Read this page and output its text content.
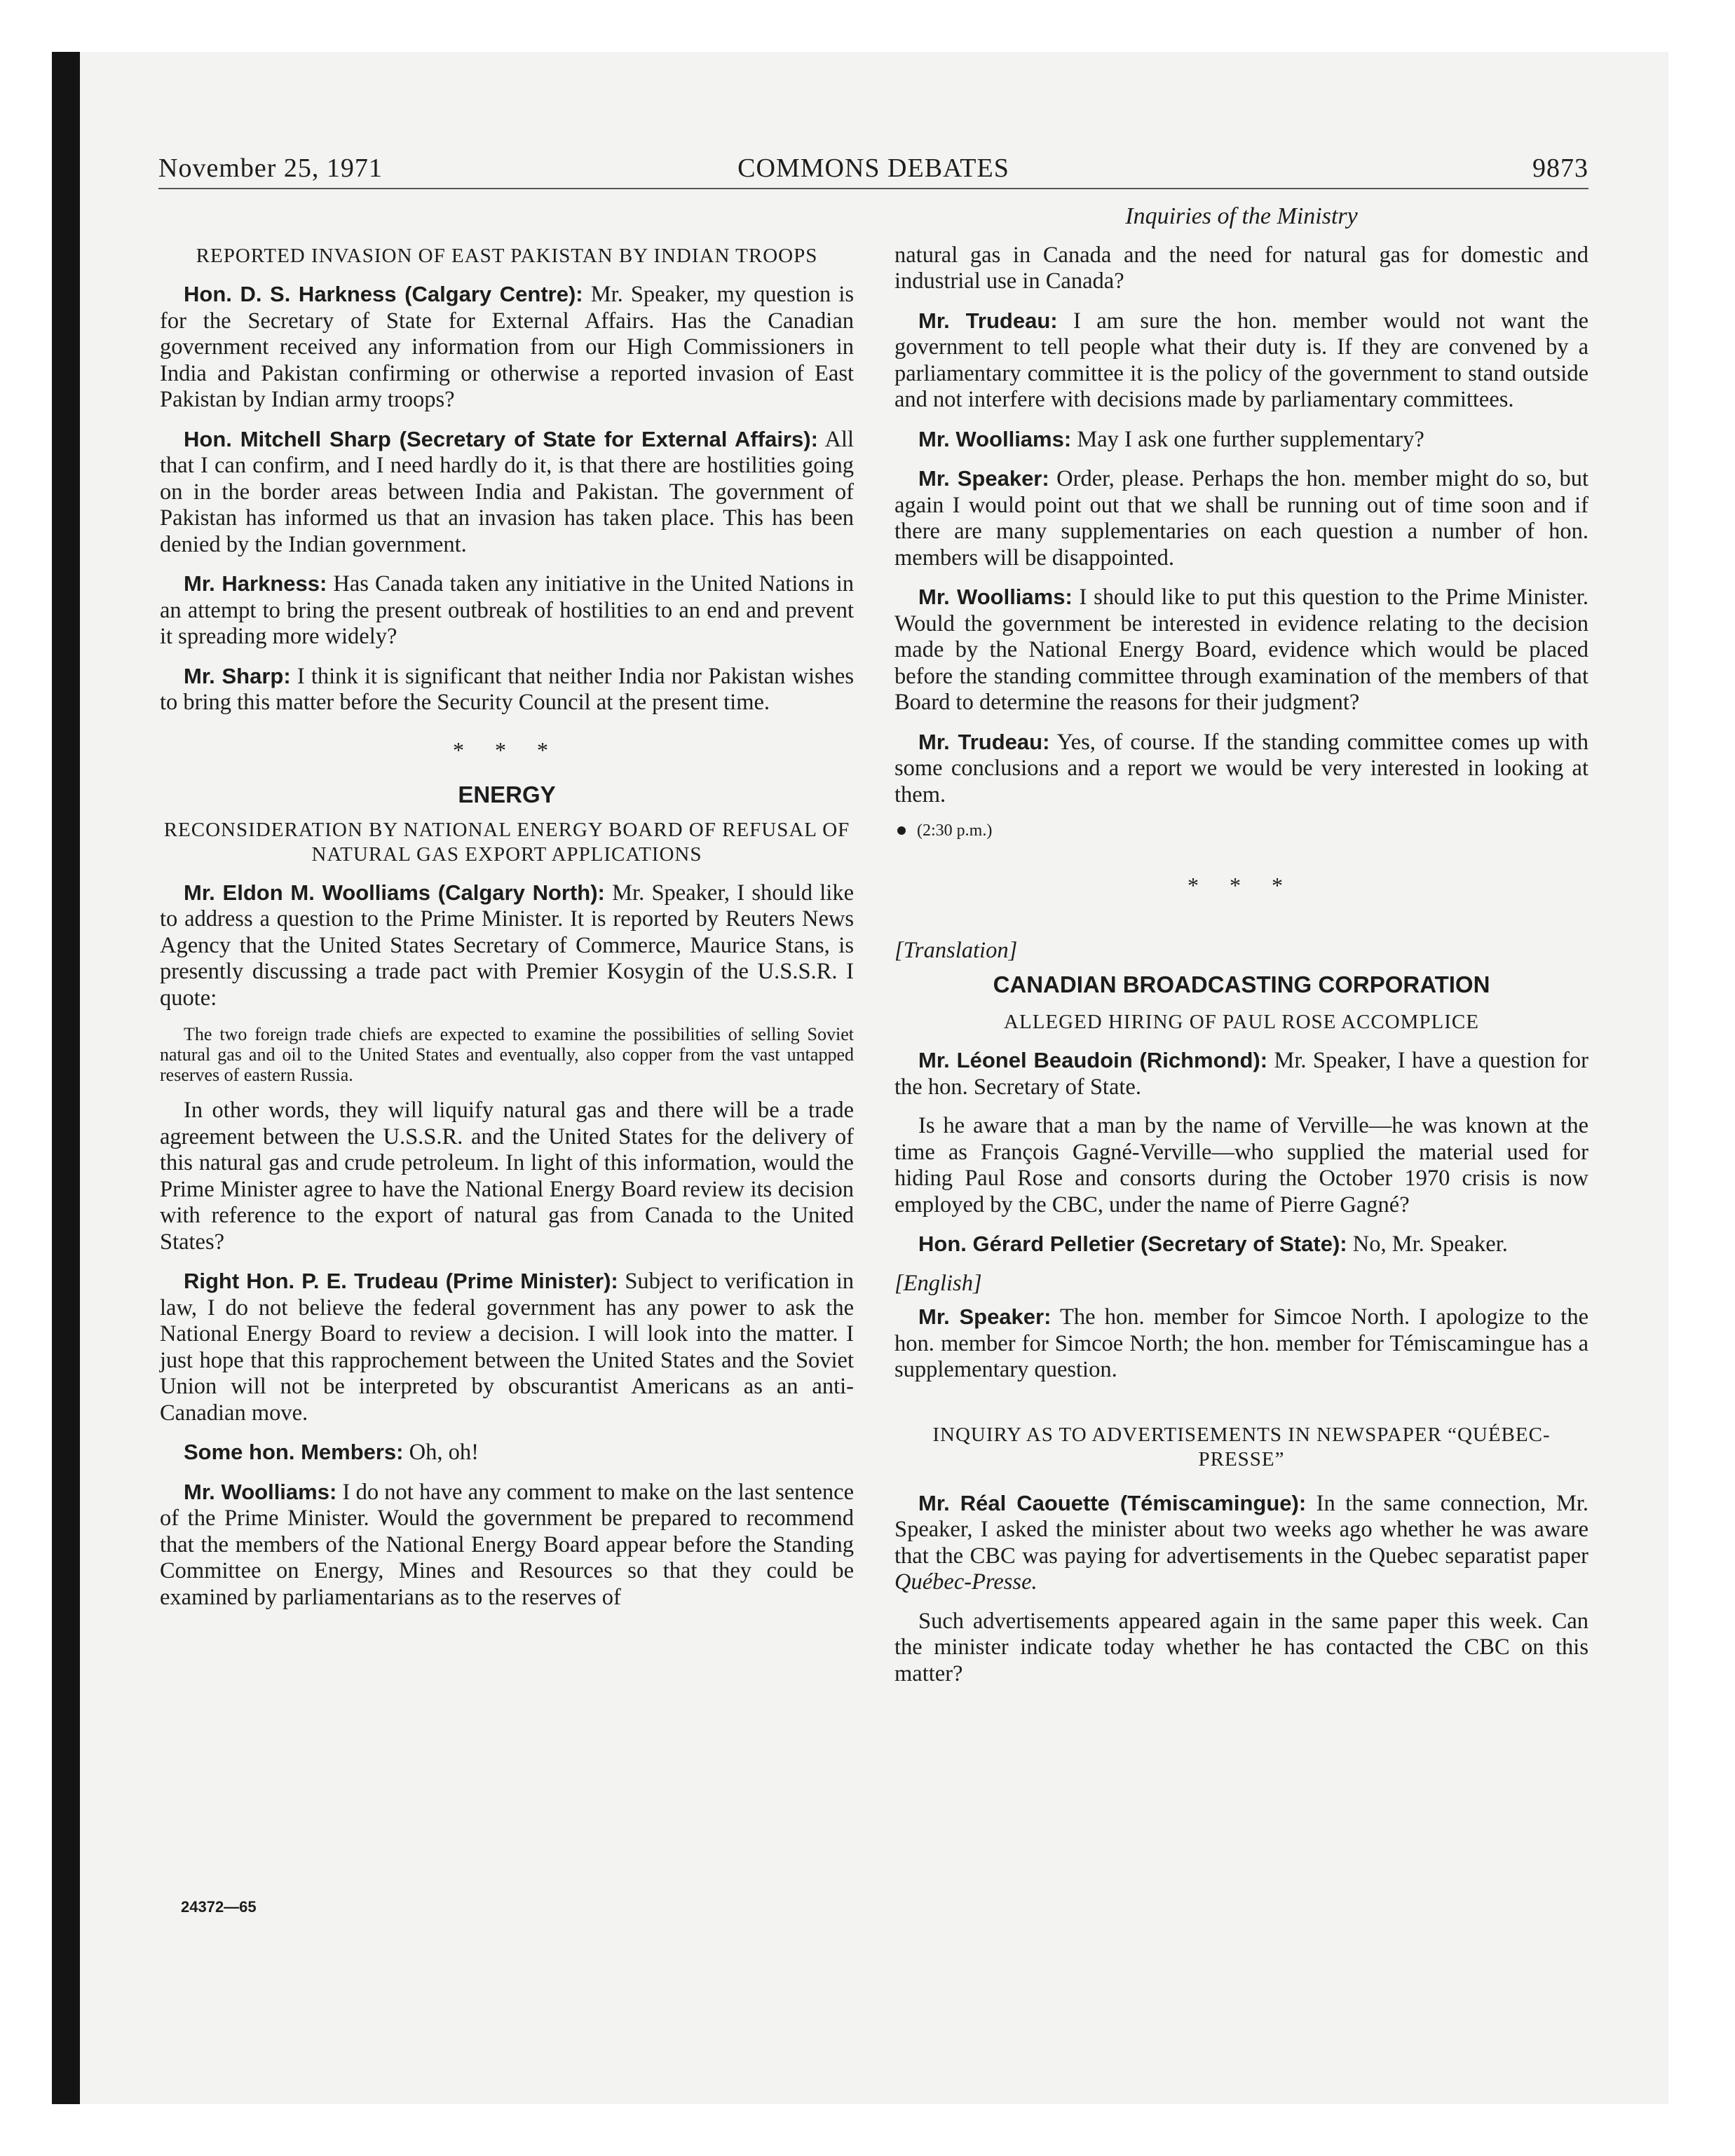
November 25, 1971	COMMONS DEBATES	9873
REPORTED INVASION OF EAST PAKISTAN BY INDIAN TROOPS

Hon. D. S. Harkness (Calgary Centre): Mr. Speaker, my question is for the Secretary of State for External Affairs. Has the Canadian government received any information from our High Commissioners in India and Pakistan confirming or otherwise a reported invasion of East Pakistan by Indian army troops?

Hon. Mitchell Sharp (Secretary of State for External Affairs): All that I can confirm, and I need hardly do it, is that there are hostilities going on in the border areas between India and Pakistan. The government of Pakistan has informed us that an invasion has taken place. This has been denied by the Indian government.

Mr. Harkness: Has Canada taken any initiative in the United Nations in an attempt to bring the present outbreak of hostilities to an end and prevent it spreading more widely?

Mr. Sharp: I think it is significant that neither India nor Pakistan wishes to bring this matter before the Security Council at the present time.

* * *
ENERGY
RECONSIDERATION BY NATIONAL ENERGY BOARD OF REFUSAL OF NATURAL GAS EXPORT APPLICATIONS

Mr. Eldon M. Woolliams (Calgary North): Mr. Speaker, I should like to address a question to the Prime Minister. It is reported by Reuters News Agency that the United States Secretary of Commerce, Maurice Stans, is presently discussing a trade pact with Premier Kosygin of the U.S.S.R. I quote:

The two foreign trade chiefs are expected to examine the possibilities of selling Soviet natural gas and oil to the United States and eventually, also copper from the vast untapped reserves of eastern Russia.

In other words, they will liquify natural gas and there will be a trade agreement between the U.S.S.R. and the United States for the delivery of this natural gas and crude petroleum. In light of this information, would the Prime Minister agree to have the National Energy Board review its decision with reference to the export of natural gas from Canada to the United States?

Right Hon. P. E. Trudeau (Prime Minister): Subject to verification in law, I do not believe the federal government has any power to ask the National Energy Board to review a decision. I will look into the matter. I just hope that this rapprochement between the United States and the Soviet Union will not be interpreted by obscurantist Americans as an anti-Canadian move.

Some hon. Members: Oh, oh!

Mr. Woolliams: I do not have any comment to make on the last sentence of the Prime Minister. Would the government be prepared to recommend that the members of the National Energy Board appear before the Standing Committee on Energy, Mines and Resources so that they could be examined by parliamentarians as to the reserves of

24372—65
Inquiries of the Ministry

natural gas in Canada and the need for natural gas for domestic and industrial use in Canada?

Mr. Trudeau: I am sure the hon. member would not want the government to tell people what their duty is. If they are convened by a parliamentary committee it is the policy of the government to stand outside and not interfere with decisions made by parliamentary committees.

Mr. Woolliams: May I ask one further supplementary?

Mr. Speaker: Order, please. Perhaps the hon. member might do so, but again I would point out that we shall be running out of time soon and if there are many supplementaries on each question a number of hon. members will be disappointed.

Mr. Woolliams: I should like to put this question to the Prime Minister. Would the government be interested in evidence relating to the decision made by the National Energy Board, evidence which would be placed before the standing committee through examination of the members of that Board to determine the reasons for their judgment?

Mr. Trudeau: Yes, of course. If the standing committee comes up with some conclusions and a report we would be very interested in looking at them.

(2:30 p.m.)
* * *
[Translation]
CANADIAN BROADCASTING CORPORATION
ALLEGED HIRING OF PAUL ROSE ACCOMPLICE

Mr. Léonel Beaudoin (Richmond): Mr. Speaker, I have a question for the hon. Secretary of State.

Is he aware that a man by the name of Verville—he was known at the time as François Gagné-Verville—who supplied the material used for hiding Paul Rose and consorts during the October 1970 crisis is now employed by the CBC, under the name of Pierre Gagné?

Hon. Gérard Pelletier (Secretary of State): No, Mr. Speaker.

[English]

Mr. Speaker: The hon. member for Simcoe North. I apologize to the hon. member for Simcoe North; the hon. member for Témiscamingue has a supplementary question.

INQUIRY AS TO ADVERTISEMENTS IN NEWSPAPER “QUÉBEC-PRESSE”

Mr. Réal Caouette (Témiscamingue): In the same connection, Mr. Speaker, I asked the minister about two weeks ago whether he was aware that the CBC was paying for advertisements in the Quebec separatist paper Québec-Presse.

Such advertisements appeared again in the same paper this week. Can the minister indicate today whether he has contacted the CBC on this matter?
